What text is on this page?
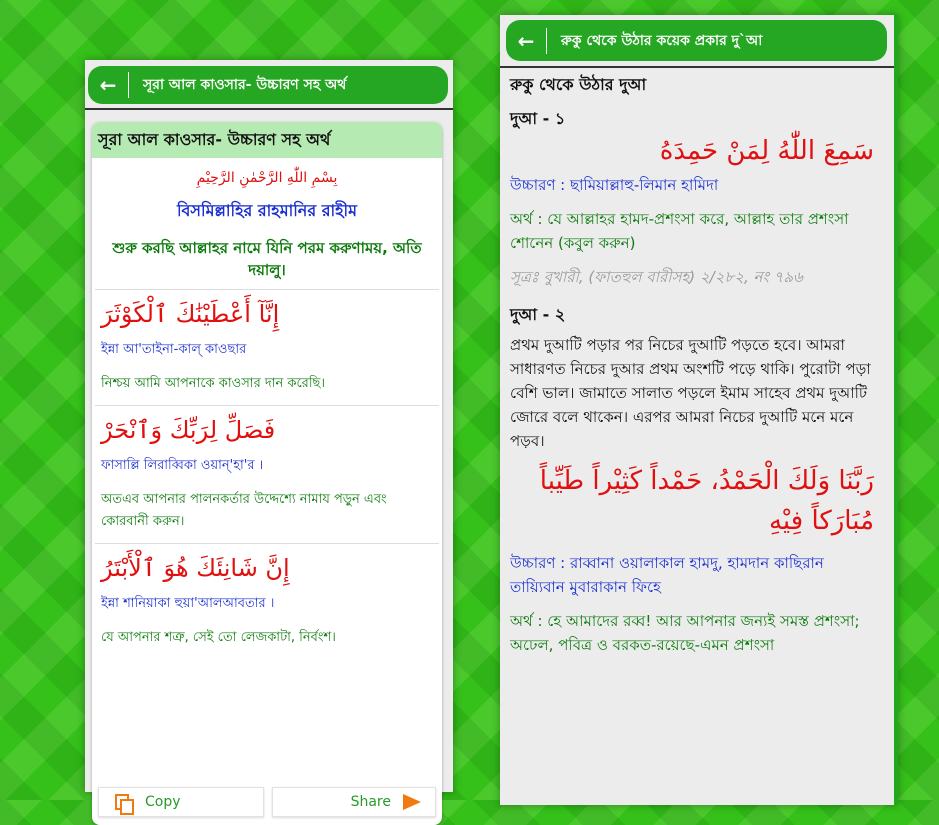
←	সূরা আল কাওসার- উচ্চারণ সহ অর্থ
সূরা আল কাওসার- উচ্চারণ সহ অর্থ
بِسْمِ اللّٰهِ الرَّحْمٰنِ الرَّحِيْمِ
বিসমিল্লাহির রাহমানির রাহীম
শুরু করছি আল্লাহর নামে যিনি পরম করুণাময়, অতি দয়ালু।
إِنَّآ أَعْطَيْنَٰكَ ٱلْكَوْثَرَ
ইন্না আ'তাইনা-কাল্ কাওছার
নিশ্চয় আমি আপনাকে কাওসার দান করেছি।
فَصَلِّ لِرَبِّكَ وَٱنْحَرْ
ফাসাল্লি লিরাব্বিকা ওয়ান্'হা'র ।
অতএব আপনার পালনকর্তার উদ্দেশ্যে নামায পড়ুন এবং কোরবানী করুন।
إِنَّ شَانِئَكَ هُوَ ٱلْأَبْتَرُ
ইন্না শানিয়াকা হুয়া'আলআবতার ।
যে আপনার শত্রু, সেই তো লেজকাটা, নির্বংশ।
Copy	Share
←	রুকু থেকে উঠার কয়েক প্রকার দু`আ
রুকু থেকে উঠার দুআ
দুআ - ১
سَمِعَ اللّٰهُ لِمَنْ حَمِدَهُ

উচ্চারণ : ছামিয়াল্লাহু-লিমান হামিদা

অর্থ : যে আল্লাহর হামদ-প্রশংসা করে, আল্লাহ তার প্রশংসা শোনেন (কবুল করুন)

সূত্রঃ বুখারী, (ফাতহুল বারীসহ) ২/২৮২, নং ৭৯৬

দুআ - ২

প্রথম দুআটি পড়ার পর নিচের দুআটি পড়তে হবে। আমরা সাধারণত নিচের দুআর প্রথম অংশটি পড়ে থাকি। পুরোটা পড়া বেশি ভাল। জামাতে সালাত পড়লে ইমাম সাহেব প্রথম দুআটি জোরে বলে থাকেন। এরপর আমরা নিচের দুআটি মনে মনে পড়ব।

رَبَّنَا وَلَكَ الْحَمْدُ، حَمْداً كَثِيْراً طَيِّباً مُبَارَكاً فِيْهِ

উচ্চারণ : রাব্বানা ওয়ালাকাল হামদু, হামদান কাছিরান তায়্যিবান মুবারাকান ফিহে

অর্থ : হে আমাদের রব্ব! আর আপনার জন্যই সমস্ত প্রশংসা; অঢেল, পবিত্র ও বরকত-রয়েছে-এমন প্রশংসা
